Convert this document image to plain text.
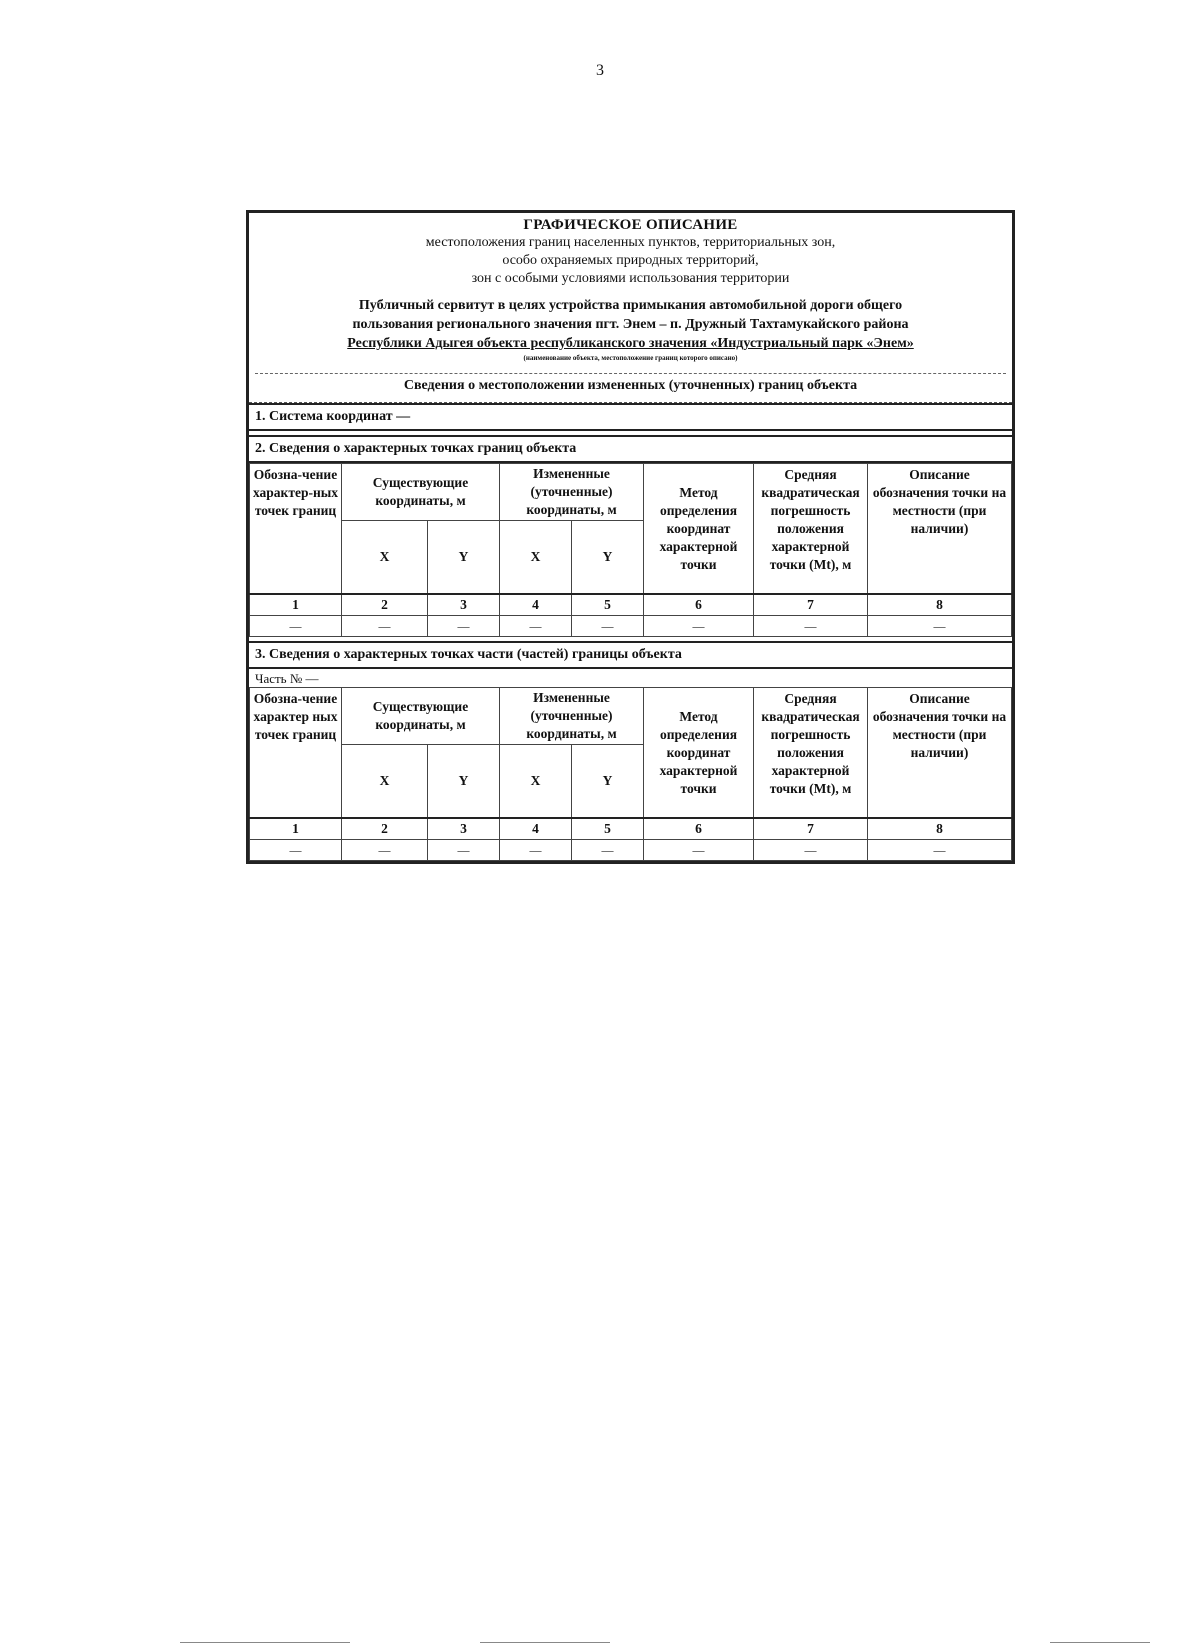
3
ГРАФИЧЕСКОЕ ОПИСАНИЕ
местоположения границ населенных пунктов, территориальных зон,
особо охраняемых природных территорий,
зон с особыми условиями использования территории
Публичный сервитут в целях устройства примыкания автомобильной дороги общего
пользования регионального значения пгт. Энем – п. Дружный Тахтамукайского района
Республики Адыгея объекта республиканского значения «Индустриальный парк «Энем»
(наименование объекта, местоположение границ которого описано)
Сведения о местоположении измененных (уточненных) границ объекта
1. Система координат —
2. Сведения о характерных точках границ объекта
Обозна-чение характер-ных точек границ	Существующие координаты, м		Измененные (уточненные) координаты, м		Метод определения координат характерной точки	Средняя квадратическая погрешность положения характерной точки (Mt), м	Описание обозначения точки на местности (при наличии)
	X	Y	X	Y			
1	2	3	4	5	6	7	8
—	—	—	—	—	—	—	—
3. Сведения о характерных точках части (частей) границы объекта
Часть № —
Обозна-чение характер ных точек границ	Существующие координаты, м		Измененные (уточненные) координаты, м		Метод определения координат характерной точки	Средняя квадратическая погрешность положения характерной точки (Mt), м	Описание обозначения точки на местности (при наличии)
	X	Y	X	Y			
1	2	3	4	5	6	7	8
—	—	—	—	—	—	—	—
